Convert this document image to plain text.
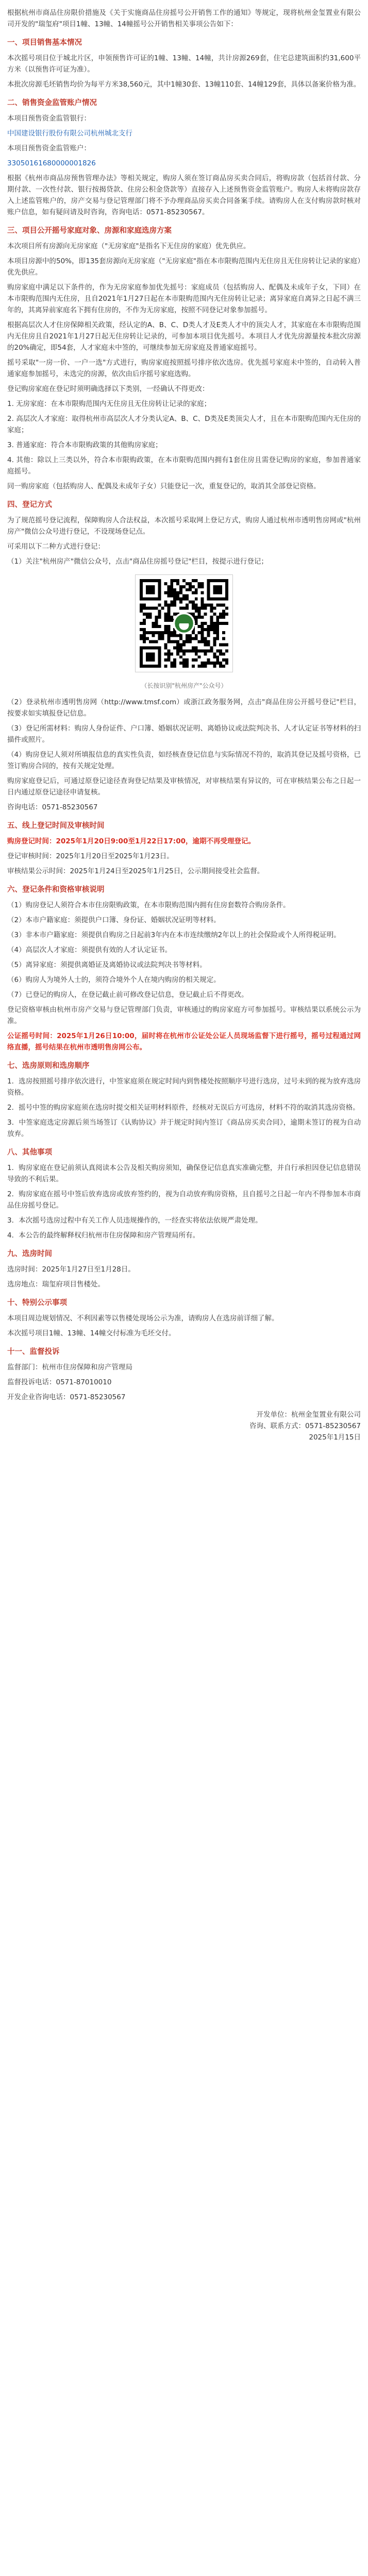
根据杭州市商品住房限价措施及《关于实施商品住房摇号公开销售工作的通知》等规定，现将杭州金玺置业有限公司开发的"瑞玺府"项目1幢、13幢、14幢摇号公开销售相关事项公告如下：

一、项目销售基本情况

本次摇号项目位于城北片区，申领预售许可证的1幢、13幢、14幢，共计房源269套，住宅总建筑面积约31,600平方米（以预售许可证为准）。

本批次房源毛坯销售均价为每平方米38,560元，其中1幢30套、13幢110套、14幢129套，具体以备案价格为准。

二、销售资金监管账户情况

本项目预售资金监管银行：

中国建设银行股份有限公司杭州城北支行

本项目预售资金监管账户：

33050161680000001826

根据《杭州市商品房预售管理办法》等相关规定，购房人须在签订商品房买卖合同后，将购房款（包括首付款、分期付款、一次性付款、银行按揭贷款、住房公积金贷款等）直接存入上述预售资金监管账户。购房人未将购房款存入上述监管账户的，房产交易与登记管理部门将不予办理商品房买卖合同备案手续。请购房人在支付购房款时核对账户信息，如有疑问请及时咨询，咨询电话：0571-85230567。

三、项目公开摇号家庭对象、房源和家庭选房方案

本次项目所有房源向无房家庭（"无房家庭"是指名下无住房的家庭）优先供应。

本项目房源中的50%，即135套房源向无房家庭（"无房家庭"指在本市限购范围内无住房且无住房转让记录的家庭）优先供应。

购房家庭中满足以下条件的，作为无房家庭参加优先摇号：家庭成员（包括购房人、配偶及未成年子女，下同）在本市限购范围内无住房，且自2021年1月27日起在本市限购范围内无住房转让记录；离异家庭自离异之日起不满三年的，其离异前家庭名下拥有住房的，不作为无房家庭，按照不同登记对象参加摇号。

根据高层次人才住房保障相关政策，经认定的A、B、C、D类人才及E类人才中的顶尖人才，其家庭在本市限购范围内无住房且自2021年1月27日起无住房转让记录的，可参加本项目优先摇号。本项目人才优先房源量按本批次房源的20%确定，即54套，人才家庭未中签的，可继续参加无房家庭及普通家庭摇号。

摇号采取"一房一价、一户一选"方式进行，购房家庭按照摇号排序依次选房。优先摇号家庭未中签的，自动转入普通家庭参加摇号，未选完的房源，依次由后序摇号家庭选购。

登记购房家庭在登记时须明确选择以下类别，一经确认不得更改：

1. 无房家庭：在本市限购范围内无住房且无住房转让记录的家庭；

2. 高层次人才家庭：取得杭州市高层次人才分类认定A、B、C、D类及E类顶尖人才，且在本市限购范围内无住房的家庭；

3. 普通家庭：符合本市限购政策的其他购房家庭；

4. 其他：除以上三类以外，符合本市限购政策，在本市限购范围内拥有1套住房且需登记购房的家庭，参加普通家庭摇号。

同一购房家庭（包括购房人、配偶及未成年子女）只能登记一次，重复登记的，取消其全部登记资格。

四、登记方式

为了规范摇号登记流程，保障购房人合法权益，本次摇号采取网上登记方式，购房人通过杭州市透明售房网或"杭州房产"微信公众号进行登记，不设现场登记点。

可采用以下二种方式进行登记：

（1）关注"杭州房产"微信公众号，点击"商品住房摇号登记"栏目，按提示进行登记；

（长按识别"杭州房产"公众号）

（2）登录杭州市透明售房网（http://www.tmsf.com）或浙江政务服务网，点击"商品住房公开摇号登记"栏目，按要求如实填报登记信息。

（3）登记所需材料：购房人身份证件、户口簿、婚姻状况证明、离婚协议或法院判决书、人才认定证书等材料的扫描件或照片。

（4）购房登记人须对所填报信息的真实性负责，如经核查登记信息与实际情况不符的，取消其登记及摇号资格，已签订购房合同的，按有关规定处理。

购房家庭登记后，可通过原登记途径查询登记结果及审核情况，对审核结果有异议的，可在审核结果公布之日起一日内通过原登记途径申请复核。

咨询电话：0571-85230567

五、线上登记时间及审核时间

购房登记时间：2025年1月20日9:00至1月22日17:00，逾期不再受理登记。

登记审核时间：2025年1月20日至2025年1月23日。

审核结果公示时间：2025年1月24日至2025年1月25日，公示期间接受社会监督。

六、登记条件和资格审核说明

（1）购房登记人须符合本市住房限购政策，在本市限购范围内拥有住房套数符合购房条件。

（2）本市户籍家庭：须提供户口簿、身份证、婚姻状况证明等材料。

（3）非本市户籍家庭：须提供自购房之日起前3年内在本市连续缴纳2年以上的社会保险或个人所得税证明。

（4）高层次人才家庭：须提供有效的人才认定证书。

（5）离异家庭：须提供离婚证及离婚协议或法院判决书等材料。

（6）购房人为境外人士的，须符合境外个人在境内购房的相关规定。

（7）已登记的购房人，在登记截止前可修改登记信息，登记截止后不得更改。

登记资格审核由杭州市房产交易与登记管理部门负责，审核通过的购房家庭方可参加摇号。审核结果以系统公示为准。

公证摇号时间：2025年1月26日10:00，届时将在杭州市公证处公证人员现场监督下进行摇号，摇号过程通过网络直播，摇号结果在杭州市透明售房网公布。

七、选房原则和选房顺序

1．选房按照摇号排序依次进行，中签家庭须在规定时间内到售楼处按照顺序号进行选房，过号未到的视为放弃选房资格。

2．摇号中签的购房家庭须在选房时提交相关证明材料原件，经核对无误后方可选房，材料不符的取消其选房资格。

3．中签家庭选定房源后须当场签订《认购协议》并于规定时间内签订《商品房买卖合同》，逾期未签订的视为自动放弃。

八、其他事项

1．购房家庭在登记前须认真阅读本公告及相关购房须知，确保登记信息真实准确完整，并自行承担因登记信息错误导致的不利后果。

2．购房家庭在摇号中签后放弃选房或放弃签约的，视为自动放弃购房资格，且自摇号之日起一年内不得参加本市商品住房摇号登记。

3．本次摇号选房过程中有关工作人员违规操作的，一经查实将依法依规严肃处理。

4．本公告的最终解释权归杭州市住房保障和房产管理局所有。

九、选房时间

选房时间：2025年1月27日至1月28日。

选房地点：瑞玺府项目售楼处。

十、特别公示事项

本项目周边规划情况、不利因素等以售楼处现场公示为准，请购房人在选房前详细了解。

本次摇号项目1幢、13幢、14幢交付标准为毛坯交付。

十一、监督投诉

监督部门：杭州市住房保障和房产管理局

监督投诉电话：0571-87010010

开发企业咨询电话：0571-85230567

开发单位：杭州金玺置业有限公司
咨询、联系方式：0571-85230567
2025年1月15日
